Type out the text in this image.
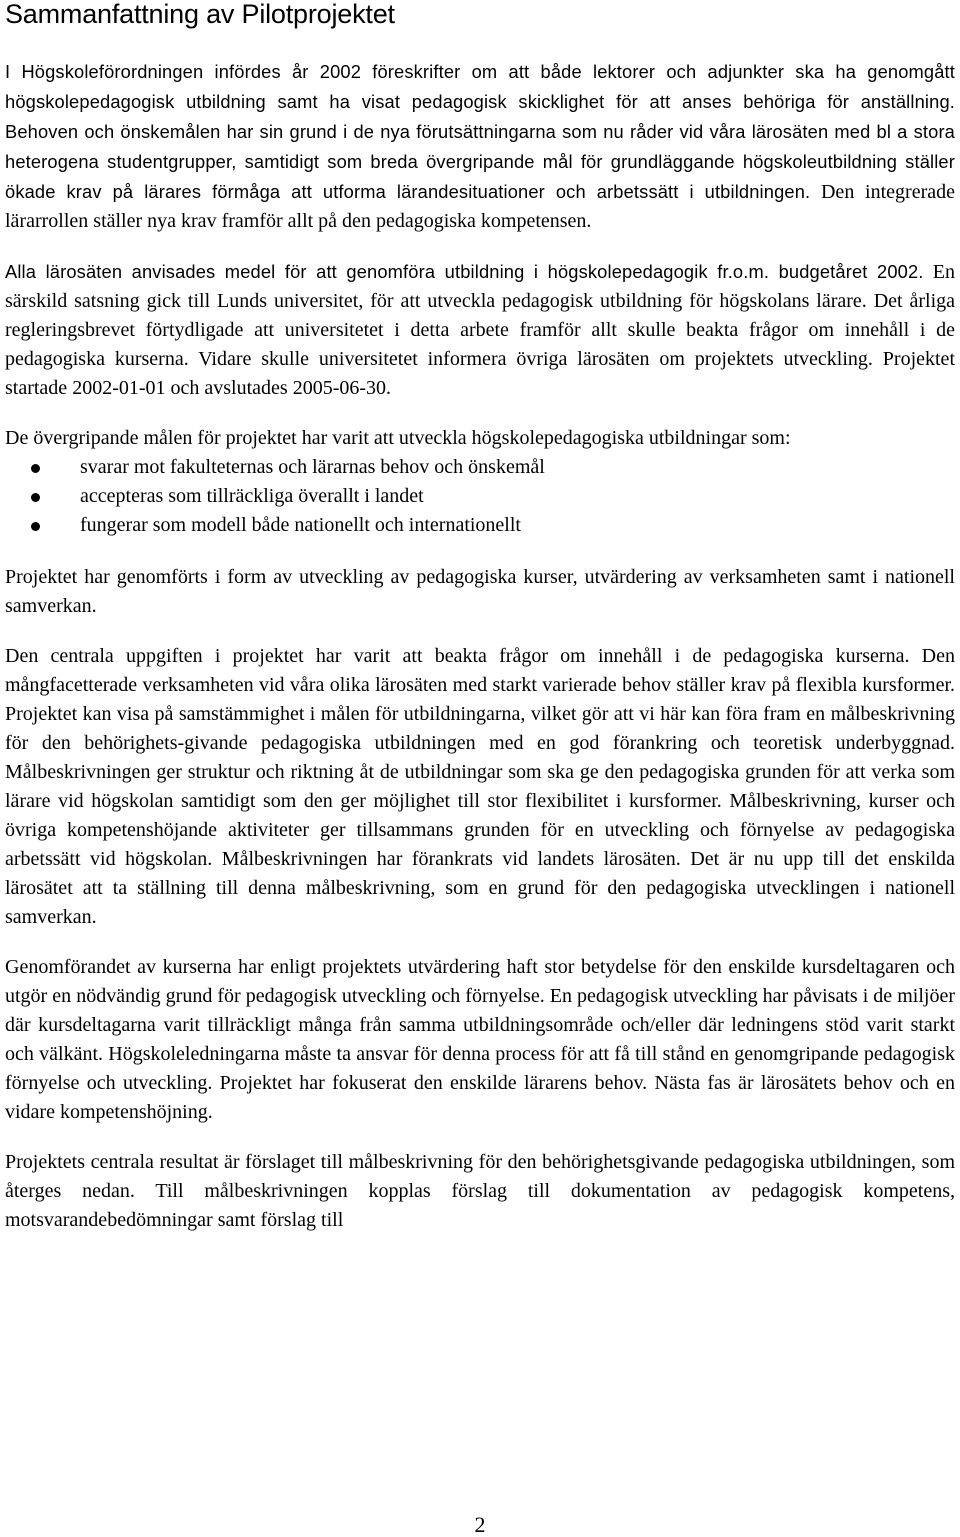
Sammanfattning av Pilotprojektet

I Högskoleförordningen infördes år 2002 föreskrifter om att både lektorer och adjunkter ska ha genomgått högskolepedagogisk utbildning samt ha visat pedagogisk skicklighet för att anses behöriga för anställning. Behoven och önskemålen har sin grund i de nya förutsättningarna som nu råder vid våra lärosäten med bl a stora heterogena studentgrupper, samtidigt som breda övergripande mål för grundläggande högskoleutbildning ställer ökade krav på lärares förmåga att utforma lärandesituationer och arbetssätt i utbildningen. Den integrerade lärarrollen ställer nya krav framför allt på den pedagogiska kompetensen.

Alla lärosäten anvisades medel för att genomföra utbildning i högskolepedagogik fr.o.m. budgetåret 2002. En särskild satsning gick till Lunds universitet, för att utveckla pedagogisk utbildning för högskolans lärare. Det årliga regleringsbrevet förtydligade att universitetet i detta arbete framför allt skulle beakta frågor om innehåll i de pedagogiska kurserna. Vidare skulle universitetet informera övriga lärosäten om projektets utveckling. Projektet startade 2002-01-01 och avslutades 2005-06-30.

De övergripande målen för projektet har varit att utveckla högskolepedagogiska utbildningar som:

svarar mot fakulteternas och lärarnas behov och önskemål
accepteras som tillräckliga överallt i landet
fungerar som modell både nationellt och internationellt

Projektet har genomförts i form av utveckling av pedagogiska kurser, utvärdering av verksamheten samt i nationell samverkan.

Den centrala uppgiften i projektet har varit att beakta frågor om innehåll i de pedagogiska kurserna. Den mångfacetterade verksamheten vid våra olika lärosäten med starkt varierade behov ställer krav på flexibla kursformer. Projektet kan visa på samstämmighet i målen för utbildningarna, vilket gör att vi här kan föra fram en målbeskrivning för den behörighets-givande pedagogiska utbildningen med en god förankring och teoretisk underbyggnad. Målbeskrivningen ger struktur och riktning åt de utbildningar som ska ge den pedagogiska grunden för att verka som lärare vid högskolan samtidigt som den ger möjlighet till stor flexibilitet i kursformer. Målbeskrivning, kurser och övriga kompetenshöjande aktiviteter ger tillsammans grunden för en utveckling och förnyelse av pedagogiska arbetssätt vid högskolan. Målbeskrivningen har förankrats vid landets lärosäten. Det är nu upp till det enskilda lärosätet att ta ställning till denna målbeskrivning, som en grund för den pedagogiska utvecklingen i nationell samverkan.

Genomförandet av kurserna har enligt projektets utvärdering haft stor betydelse för den enskilde kursdeltagaren och utgör en nödvändig grund för pedagogisk utveckling och förnyelse. En pedagogisk utveckling har påvisats i de miljöer där kursdeltagarna varit tillräckligt många från samma utbildningsområde och/eller där ledningens stöd varit starkt och välkänt. Högskoleledningarna måste ta ansvar för denna process för att få till stånd en genomgripande pedagogisk förnyelse och utveckling. Projektet har fokuserat den enskilde lärarens behov. Nästa fas är lärosätets behov och en vidare kompetenshöjning.

Projektets centrala resultat är förslaget till målbeskrivning för den behörighetsgivande pedagogiska utbildningen, som återges nedan. Till målbeskrivningen kopplas förslag till dokumentation av pedagogisk kompetens, motsvarandebedömningar samt förslag till

2
